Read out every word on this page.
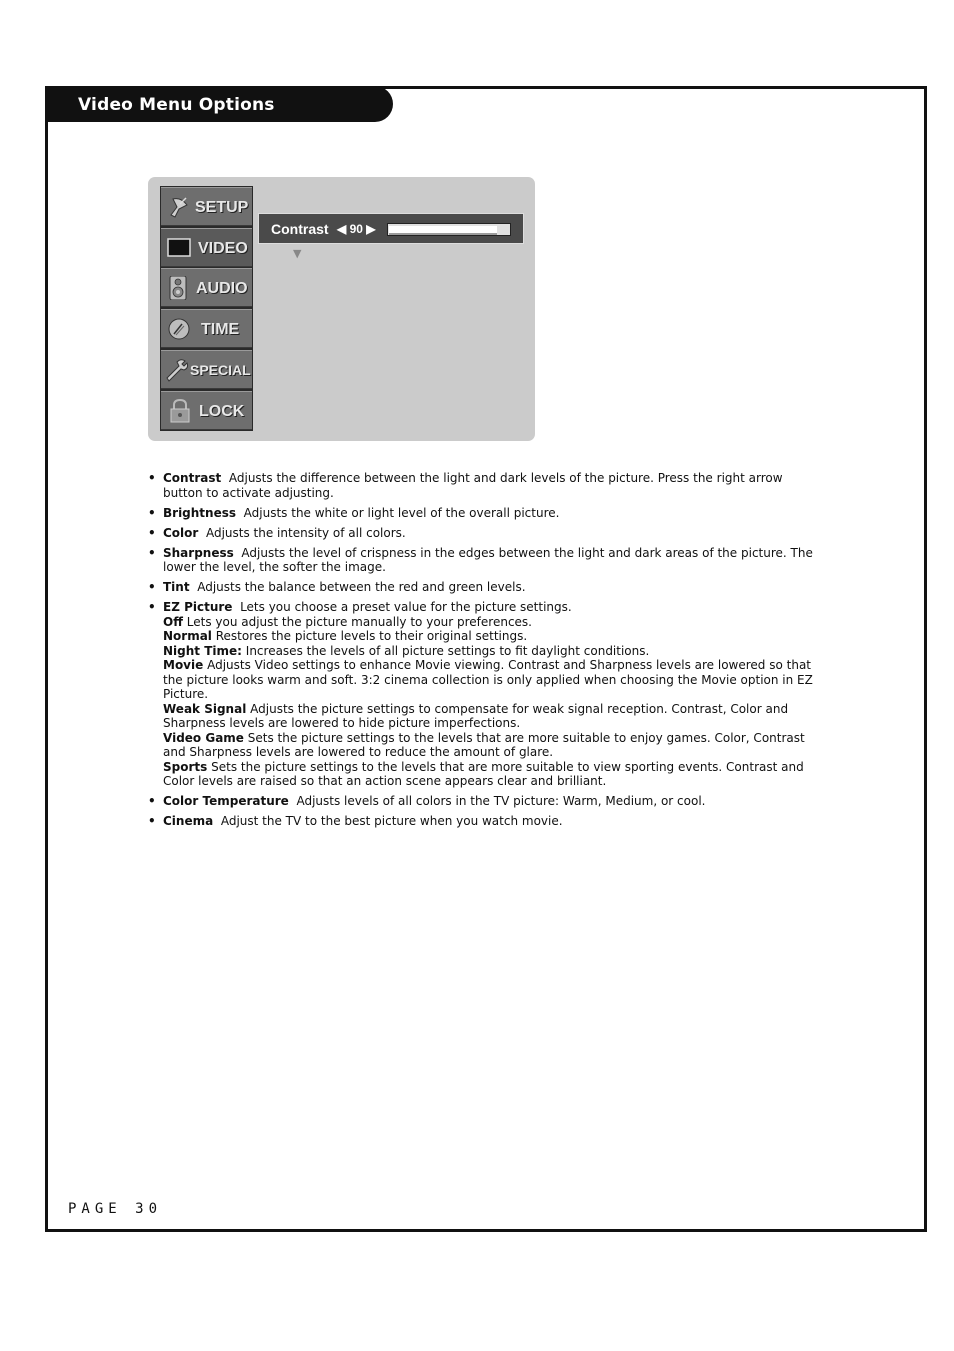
Video Menu Options
SETUP
VIDEO
AUDIO
TIME
SPECIAL
LOCK
Contrast ◀ 90 ▶
▼
• Contrast Adjusts the difference between the light and dark levels of the picture. Press the right arrow button to activate adjusting.
• Brightness Adjusts the white or light level of the overall picture.
• Color Adjusts the intensity of all colors.
• Sharpness Adjusts the level of crispness in the edges between the light and dark areas of the picture. The lower the level, the softer the image.
• Tint Adjusts the balance between the red and green levels.
• EZ Picture Lets you choose a preset value for the picture settings.
Off Lets you adjust the picture manually to your preferences.
Normal Restores the picture levels to their original settings.
Night Time: Increases the levels of all picture settings to fit daylight conditions.
Movie Adjusts Video settings to enhance Movie viewing. Contrast and Sharpness levels are lowered so that the picture looks warm and soft. 3:2 cinema collection is only applied when choosing the Movie option in EZ Picture.
Weak Signal Adjusts the picture settings to compensate for weak signal reception. Contrast, Color and Sharpness levels are lowered to hide picture imperfections.
Video Game Sets the picture settings to the levels that are more suitable to enjoy games. Color, Contrast and Sharpness levels are lowered to reduce the amount of glare.
Sports Sets the picture settings to the levels that are more suitable to view sporting events. Contrast and Color levels are raised so that an action scene appears clear and brilliant.
• Color Temperature Adjusts levels of all colors in the TV picture: Warm, Medium, or cool.
• Cinema Adjust the TV to the best picture when you watch movie.
PAGE 30
